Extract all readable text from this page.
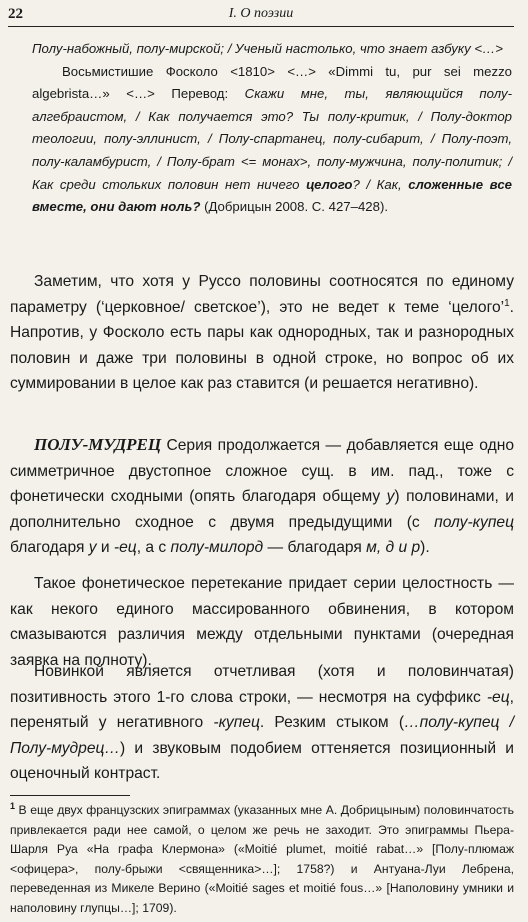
22	I. О поэзии

Полу-набожный, полу-мирской; / Ученый настолько, что знает азбуку <…>

Восьмистишие Фосколо <1810> <…> «Dimmi tu, pur sei mezzo algebrista…» <…> Перевод: Скажи мне, ты, являющийся полу-алгебраистом, / Как получается это? Ты полу-критик, / Полу-доктор теологии, полу-эллинист, / Полу-спартанец, полу-сибарит, / Полу-поэт, полу-каламбурист, / Полу-брат <= монах>, полу-мужчина, полу-политик; / Как среди стольких половин нет ничего целого? / Как, сложенные все вместе, они дают ноль? (Добрицын 2008. С. 427–428).

Заметим, что хотя у Руссо половины соотносятся по единому параметру (‘церковное/ светское’), это не ведет к теме ‘целого’$^1$. Напротив, у Фосколо есть пары как однородных, так и разнородных половин и даже три половины в одной строке, но вопрос об их суммировании в целое как раз ставится (и решается негативно).

ПОЛУ-МУДРЕЦ Серия продолжается — добавляется еще одно симметричное двустопное сложное сущ. в им. пад., тоже с фонетически сходными (опять благодаря общему у) половинами, и дополнительно сходное с двумя предыдущими (с полу-купец благодаря у и -ец, а с полу-милорд — благодаря м, д и р).

Такое фонетическое перетекание придает серии целостность — как некого единого массированного обвинения, в котором смазываются различия между отдельными пунктами (очередная заявка на полноту).

Новинкой является отчетливая (хотя и половинчатая) позитивность этого 1-го слова строки, — несмотря на суффикс -ец, перенятый у негативного -купец. Резким стыком (…полу-купец / Полу-мудрец…) и звуковым подобием оттеняется позиционный и оценочный контраст.

$^1$ В еще двух французских эпиграммах (указанных мне А. Добрицыным) половинчатость привлекается ради нее самой, о целом же речь не заходит. Это эпиграммы Пьера-Шарля Руа «На графа Клермона» («Moitié plumet, moitié rabat…» [Полу-плюмаж <офицера>, полу-брыжи <священника>…]; 1758?) и Антуана-Луи Лебрена, переведенная из Микеле Верино («Moitié sages et moitié fous…» [Наполовину умники и наполовину глупцы…]; 1709).
